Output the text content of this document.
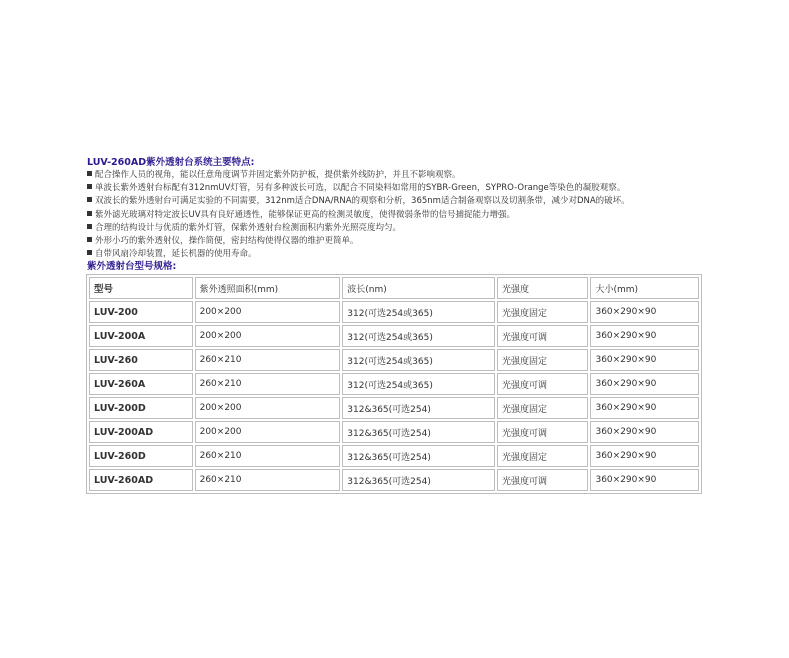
LUV-260AD紫外透射台系统主要特点:
配合操作人员的视角，能以任意角度调节并固定紫外防护板，提供紫外线防护，并且不影响观察。
单波长紫外透射台标配有312nmUV灯管，另有多种波长可选，以配合不同染料如常用的SYBR-Green，SYPRO-Orange等染色的凝胶观察。
双波长的紫外透射台可满足实验的不同需要，312nm适合DNA/RNA的观察和分析，365nm适合制备观察以及切割条带，减少对DNA的破坏。
紫外滤光玻璃对特定波长UV具有良好通透性，能够保证更高的检测灵敏度，使得微弱条带的信号捕捉能力增强。
合理的结构设计与优质的紫外灯管，保紫外透射台检测面积内紫外光照亮度均匀。
外形小巧的紫外透射仪，操作简便，密封结构使得仪器的维护更简单。
自带风扇冷却装置，延长机器的使用寿命。
紫外透射台型号规格:
型号	紫外透照面积(mm)	波长(nm)	光强度	大小(mm)
LUV-200	200×200	312(可选254或365)	光强度固定	360×290×90
LUV-200A	200×200	312(可选254或365)	光强度可调	360×290×90
LUV-260	260×210	312(可选254或365)	光强度固定	360×290×90
LUV-260A	260×210	312(可选254或365)	光强度可调	360×290×90
LUV-200D	200×200	312&365(可选254)	光强度固定	360×290×90
LUV-200AD	200×200	312&365(可选254)	光强度可调	360×290×90
LUV-260D	260×210	312&365(可选254)	光强度固定	360×290×90
LUV-260AD	260×210	312&365(可选254)	光强度可调	360×290×90
